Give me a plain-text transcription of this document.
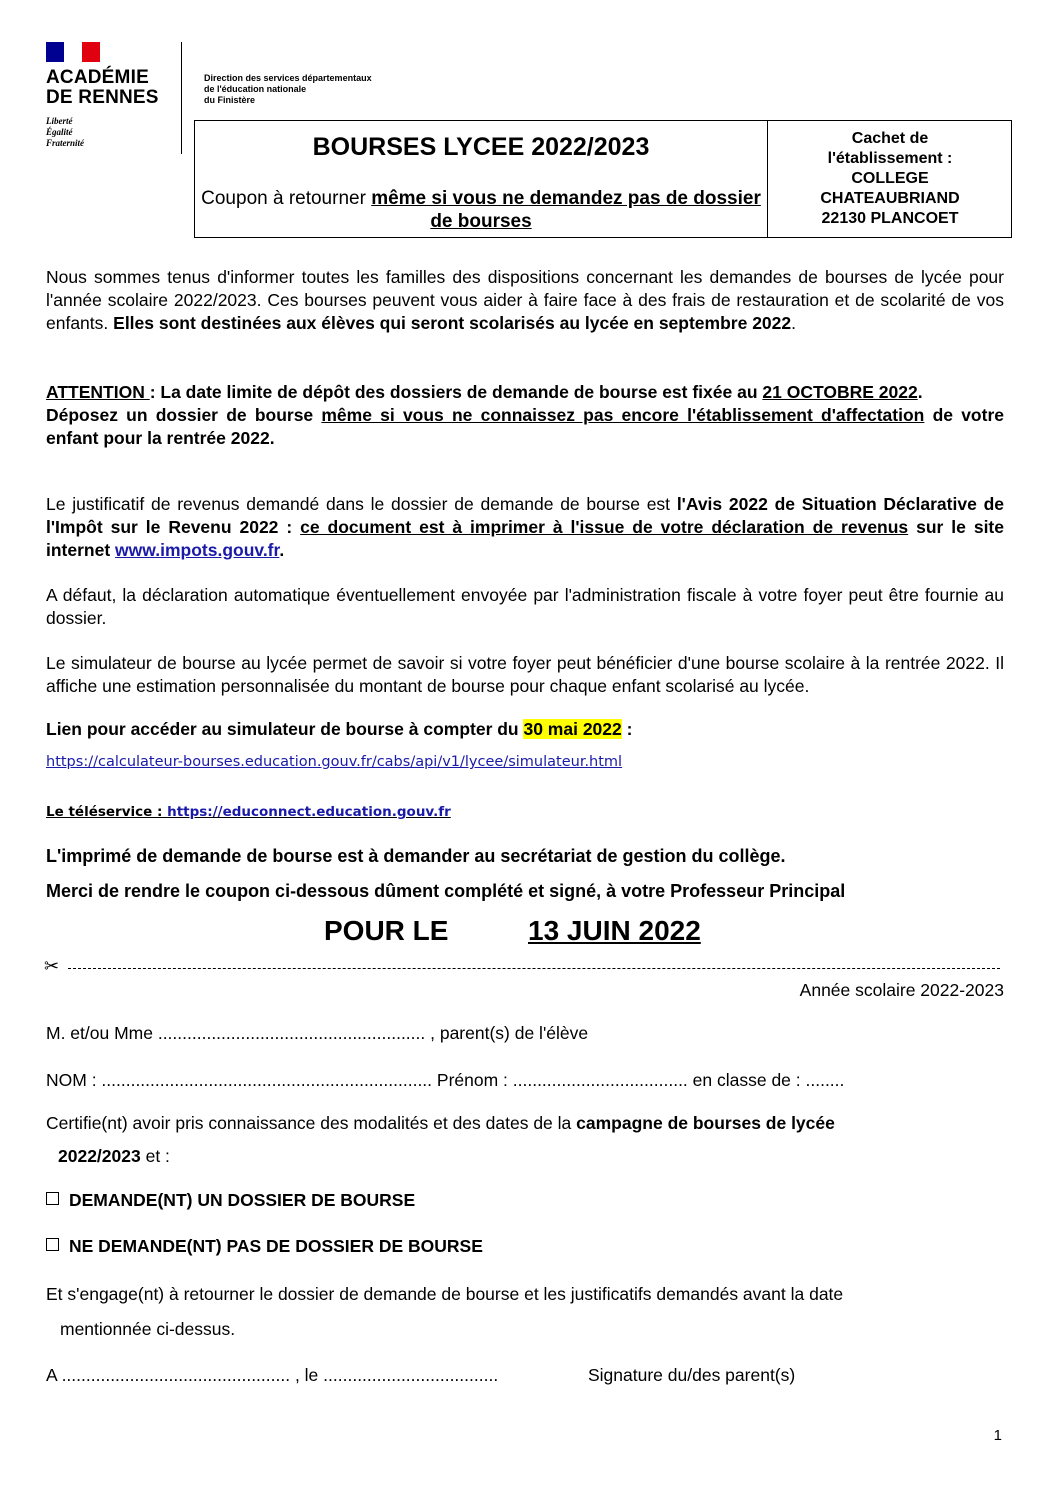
ACADÉMIE
DE RENNES
Liberté
Égalité
Fraternité
Direction des services départementaux
de l'éducation nationale
du Finistère
BOURSES LYCEE 2022/2023
Coupon à retourner même si vous ne demandez pas de dossier de bourses
Cachet de
l'établissement :
COLLEGE
CHATEAUBRIAND
22130 PLANCOET
Nous sommes tenus d'informer toutes les familles des dispositions concernant les demandes de bourses de lycée pour l'année scolaire 2022/2023. Ces bourses peuvent vous aider à faire face à des frais de restauration et de scolarité de vos enfants. Elles sont destinées aux élèves qui seront scolarisés au lycée en septembre 2022.
ATTENTION : La date limite de dépôt des dossiers de demande de bourse est fixée au 21 OCTOBRE 2022.
Déposez un dossier de bourse même si vous ne connaissez pas encore l'établissement d'affectation de votre enfant pour la rentrée 2022.
Le justificatif de revenus demandé dans le dossier de demande de bourse est l'Avis 2022 de Situation Déclarative de l'Impôt sur le Revenu 2022 : ce document est à imprimer à l'issue de votre déclaration de revenus sur le site internet www.impots.gouv.fr.
A défaut, la déclaration automatique éventuellement envoyée par l'administration fiscale à votre foyer peut être fournie au dossier.
Le simulateur de bourse au lycée permet de savoir si votre foyer peut bénéficier d'une bourse scolaire à la rentrée 2022. Il affiche une estimation personnalisée du montant de bourse pour chaque enfant scolarisé au lycée.
Lien pour accéder au simulateur de bourse à compter du 30 mai 2022 :
https://calculateur-bourses.education.gouv.fr/cabs/api/v1/lycee/simulateur.html
Le téléservice : https://educonnect.education.gouv.fr
L'imprimé de demande de bourse est à demander au secrétariat de gestion du collège.
Merci de rendre le coupon ci-dessous dûment complété et signé, à votre Professeur Principal
POUR LE	13 JUIN 2022
✂
Année scolaire 2022-2023
M. et/ou Mme ....................................................... , parent(s) de l'élève
NOM : .................................................................... Prénom : .................................... en classe de : ........
Certifie(nt) avoir pris connaissance des modalités et des dates de la campagne de bourses de lycée
2022/2023 et :
DEMANDE(NT) UN DOSSIER DE BOURSE
NE DEMANDE(NT) PAS DE DOSSIER DE BOURSE
Et s'engage(nt) à retourner le dossier de demande de bourse et les justificatifs demandés avant la date
mentionnée ci-dessus.
A ............................................... , le ....................................	Signature du/des parent(s)
1
